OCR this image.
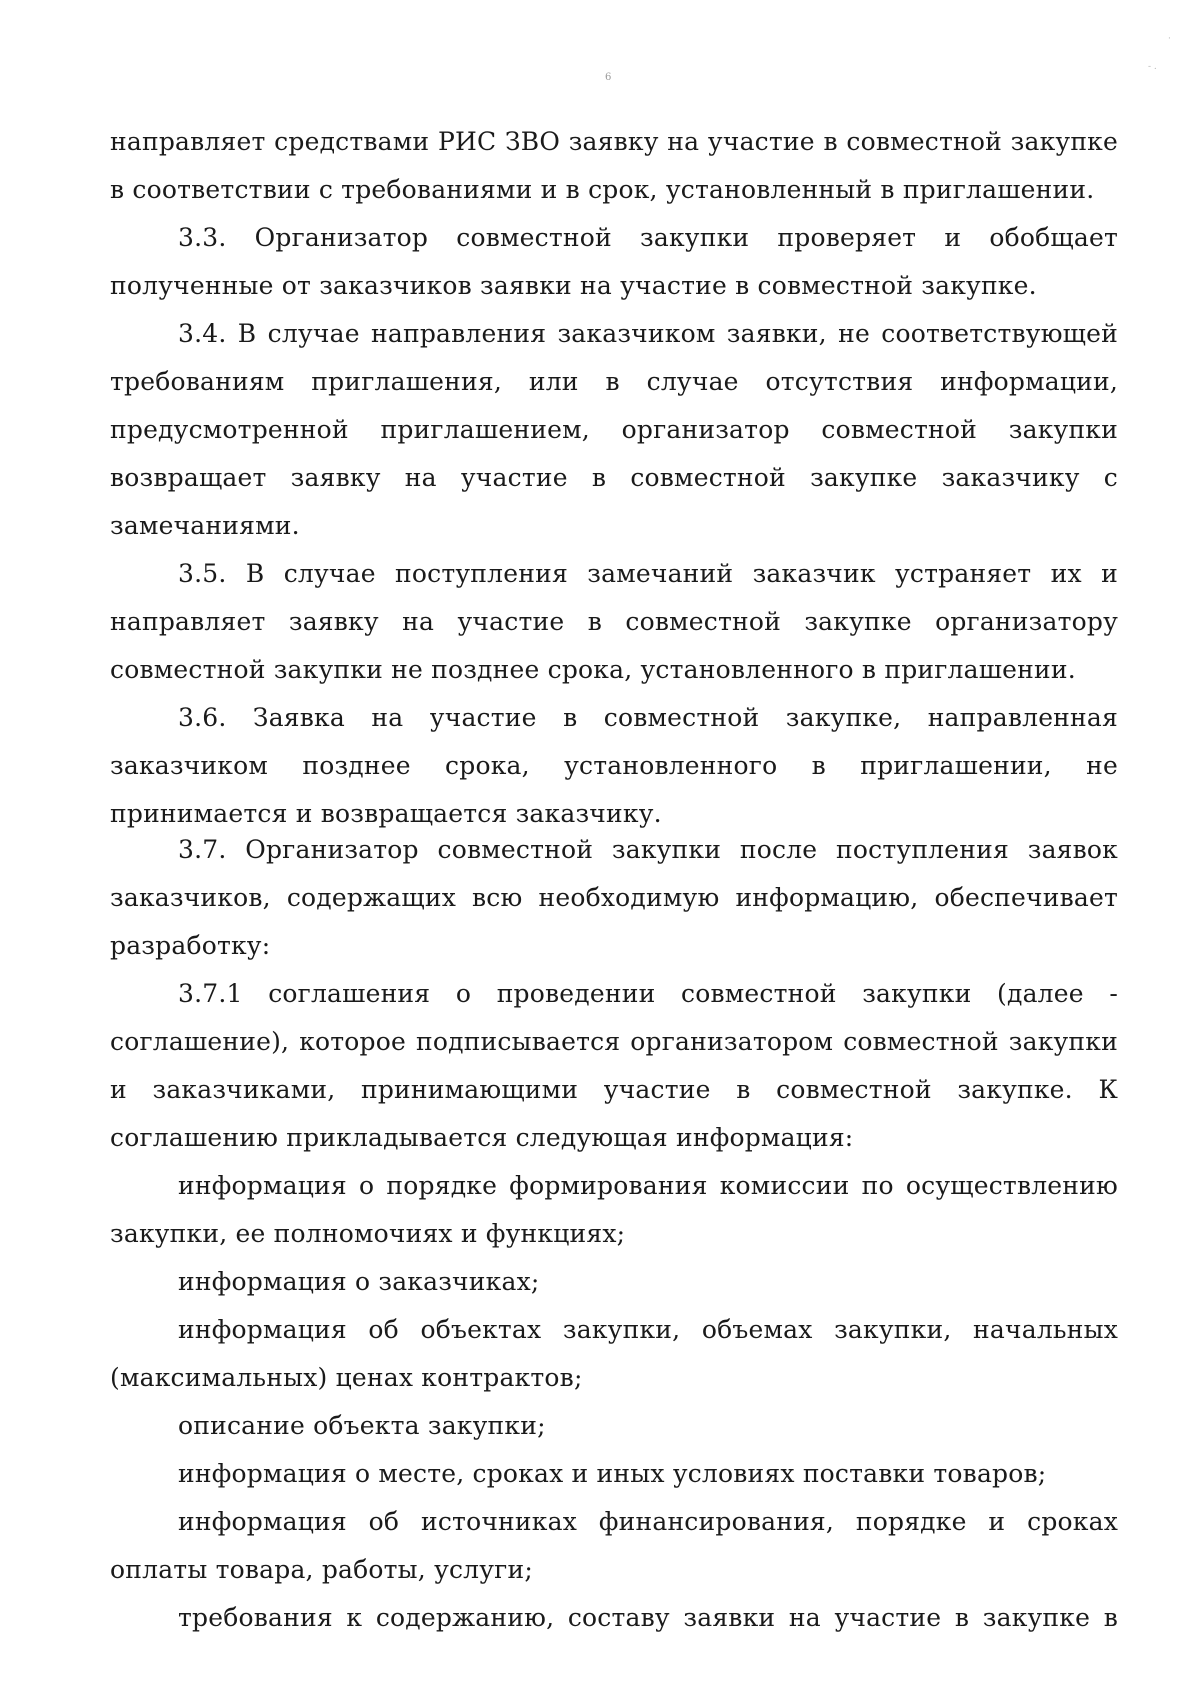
6
·
- .

направляет средствами РИС ЗВО заявку на участие в совместной закупке в соответствии с требованиями и в срок, установленный в приглашении.

3.3. Организатор совместной закупки проверяет и обобщает полученные от заказчиков заявки на участие в совместной закупке.

3.4. В случае направления заказчиком заявки, не соответствующей требованиям приглашения, или в случае отсутствия информации, предусмотренной приглашением, организатор совместной закупки возвращает заявку на участие в совместной закупке заказчику с замечаниями.

3.5. В случае поступления замечаний заказчик устраняет их и направляет заявку на участие в совместной закупке организатору совместной закупки не позднее срока, установленного в приглашении.

3.6. Заявка на участие в совместной закупке, направленная заказчиком позднее срока, установленного в приглашении, не принимается и возвращается заказчику.

3.7. Организатор совместной закупки после поступления заявок заказчиков, содержащих всю необходимую информацию, обеспечивает разработку:

3.7.1 соглашения о проведении совместной закупки (далее - соглашение), которое подписывается организатором совместной закупки и заказчиками, принимающими участие в совместной закупке. К соглашению прикладывается следующая информация:

информация о порядке формирования комиссии по осуществлению закупки, ее полномочиях и функциях;

информация о заказчиках;

информация об объектах закупки, объемах закупки, начальных (максимальных) ценах контрактов;

описание объекта закупки;

информация о месте, сроках и иных условиях поставки товаров;

информация об источниках финансирования, порядке и сроках оплаты товара, работы, услуги;

требования к содержанию, составу заявки на участие в закупке в
